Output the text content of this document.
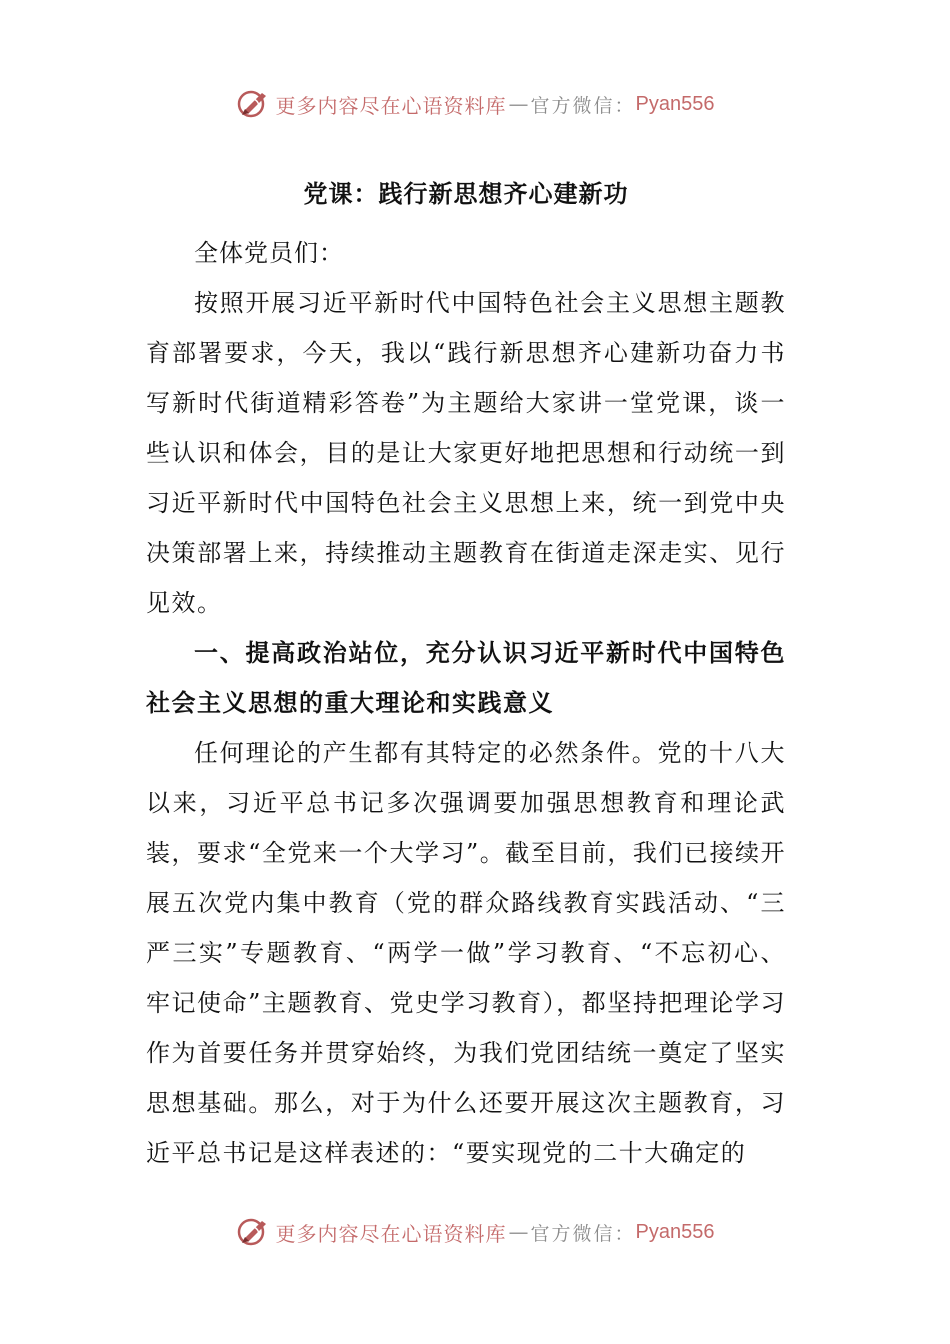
更多内容尽在心语资料库 — 官方微信： Pyan556
党课：践行新思想齐心建新功

全体党员们：

按照开展习近平新时代中国特色社会主义思想主题教育部署要求，今天，我以“践行新思想齐心建新功奋力书写新时代街道精彩答卷”为主题给大家讲一堂党课，谈一些认识和体会，目的是让大家更好地把思想和行动统一到习近平新时代中国特色社会主义思想上来，统一到党中央决策部署上来，持续推动主题教育在街道走深走实、见行见效。

一、提高政治站位，充分认识习近平新时代中国特色社会主义思想的重大理论和实践意义

任何理论的产生都有其特定的必然条件。党的十八大以来，习近平总书记多次强调要加强思想教育和理论武装，要求“全党来一个大学习”。截至目前，我们已接续开展五次党内集中教育（党的群众路线教育实践活动、“三严三实”专题教育、“两学一做”学习教育、“不忘初心、牢记使命”主题教育、党史学习教育），都坚持把理论学习作为首要任务并贯穿始终，为我们党团结统一奠定了坚实思想基础。那么，对于为什么还要开展这次主题教育，习近平总书记是这样表述的：“要实现党的二十大确定的

更多内容尽在心语资料库 — 官方微信： Pyan556
